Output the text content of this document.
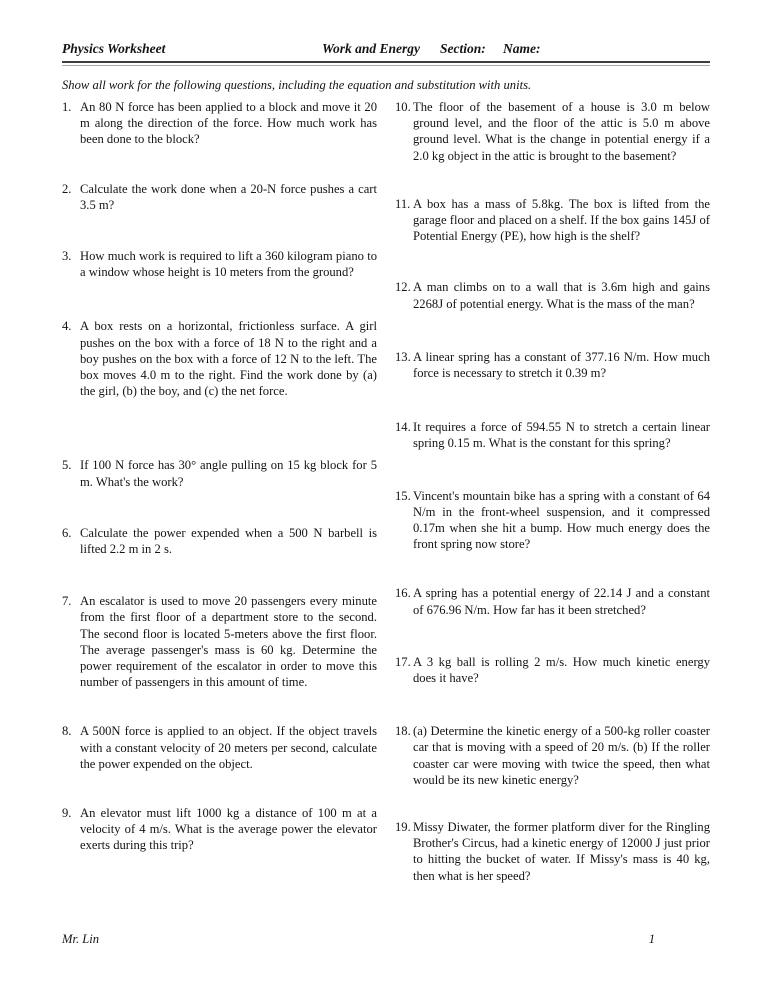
Physics Worksheet	Work and Energy Section: Name:
Show all work for the following questions, including the equation and substitution with units.
1. An 80 N force has been applied to a block and move it 20 m along the direction of the force. How much work has been done to the block?
2. Calculate the work done when a 20-N force pushes a cart 3.5 m?
3. How much work is required to lift a 360 kilogram piano to a window whose height is 10 meters from the ground?
4. A box rests on a horizontal, frictionless surface. A girl pushes on the box with a force of 18 N to the right and a boy pushes on the box with a force of 12 N to the left. The box moves 4.0 m to the right. Find the work done by (a) the girl, (b) the boy, and (c) the net force.
5. If 100 N force has 30° angle pulling on 15 kg block for 5 m. What's the work?
6. Calculate the power expended when a 500 N barbell is lifted 2.2 m in 2 s.
7. An escalator is used to move 20 passengers every minute from the first floor of a department store to the second. The second floor is located 5-meters above the first floor. The average passenger's mass is 60 kg. Determine the power requirement of the escalator in order to move this number of passengers in this amount of time.
8. A 500N force is applied to an object. If the object travels with a constant velocity of 20 meters per second, calculate the power expended on the object.
9. An elevator must lift 1000 kg a distance of 100 m at a velocity of 4 m/s. What is the average power the elevator exerts during this trip?
10. The floor of the basement of a house is 3.0 m below ground level, and the floor of the attic is 5.0 m above ground level. What is the change in potential energy if a 2.0 kg object in the attic is brought to the basement?
11. A box has a mass of 5.8kg. The box is lifted from the garage floor and placed on a shelf. If the box gains 145J of Potential Energy (PE), how high is the shelf?
12. A man climbs on to a wall that is 3.6m high and gains 2268J of potential energy. What is the mass of the man?
13. A linear spring has a constant of 377.16 N/m. How much force is necessary to stretch it 0.39 m?
14. It requires a force of 594.55 N to stretch a certain linear spring 0.15 m. What is the constant for this spring?
15. Vincent's mountain bike has a spring with a constant of 64 N/m in the front-wheel suspension, and it compressed 0.17m when she hit a bump. How much energy does the front spring now store?
16. A spring has a potential energy of 22.14 J and a constant of 676.96 N/m. How far has it been stretched?
17. A 3 kg ball is rolling 2 m/s. How much kinetic energy does it have?
18. (a) Determine the kinetic energy of a 500-kg roller coaster car that is moving with a speed of 20 m/s. (b) If the roller coaster car were moving with twice the speed, then what would be its new kinetic energy?
19. Missy Diwater, the former platform diver for the Ringling Brother's Circus, had a kinetic energy of 12000 J just prior to hitting the bucket of water. If Missy's mass is 40 kg, then what is her speed?
Mr. Lin	1
